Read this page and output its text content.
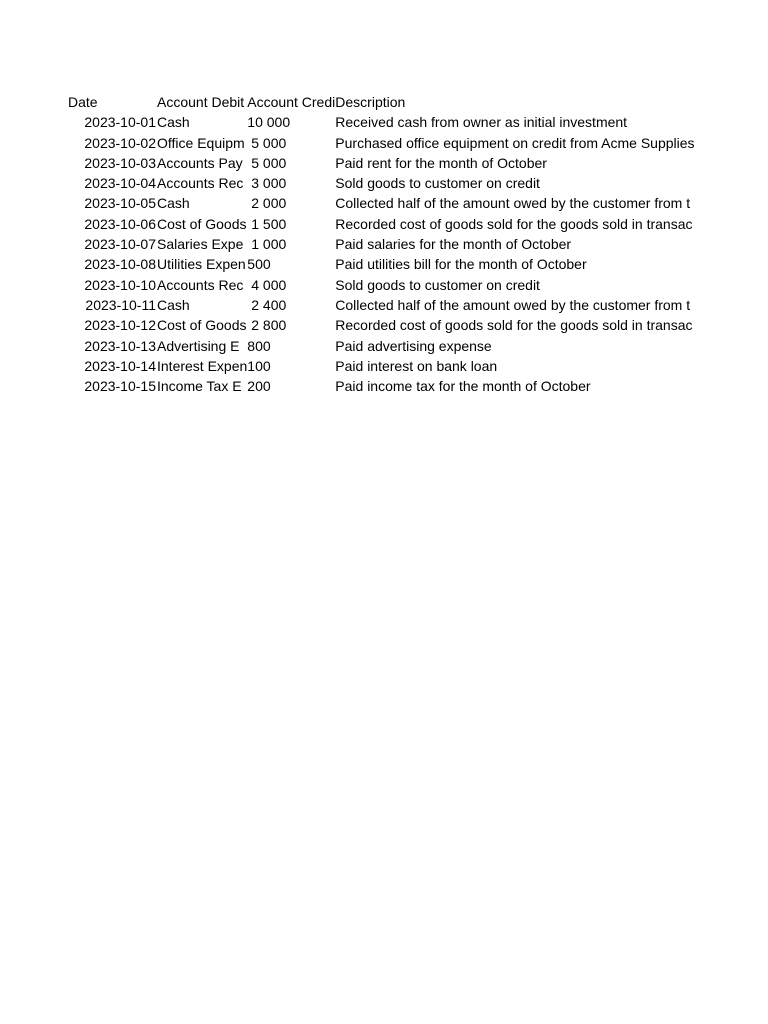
Date	Account Debit	Account Credi	Description
2023-10-01	Cash	10 000	Received cash from owner as initial investment
2023-10-02	Office Equipm	5 000	Purchased office equipment on credit from Acme Supplies
2023-10-03	Accounts Pay	5 000	Paid rent for the month of October
2023-10-04	Accounts Rec	3 000	Sold goods to customer on credit
2023-10-05	Cash	2 000	Collected half of the amount owed by the customer from t
2023-10-06	Cost of Goods	1 500	Recorded cost of goods sold for the goods sold in transac
2023-10-07	Salaries Expe	1 000	Paid salaries for the month of October
2023-10-08	Utilities Expen	500	Paid utilities bill for the month of October
2023-10-10	Accounts Rec	4 000	Sold goods to customer on credit
2023-10-11	Cash	2 400	Collected half of the amount owed by the customer from t
2023-10-12	Cost of Goods	2 800	Recorded cost of goods sold for the goods sold in transac
2023-10-13	Advertising E	800	Paid advertising expense
2023-10-14	Interest Expen	100	Paid interest on bank loan
2023-10-15	Income Tax E	200	Paid income tax for the month of October
